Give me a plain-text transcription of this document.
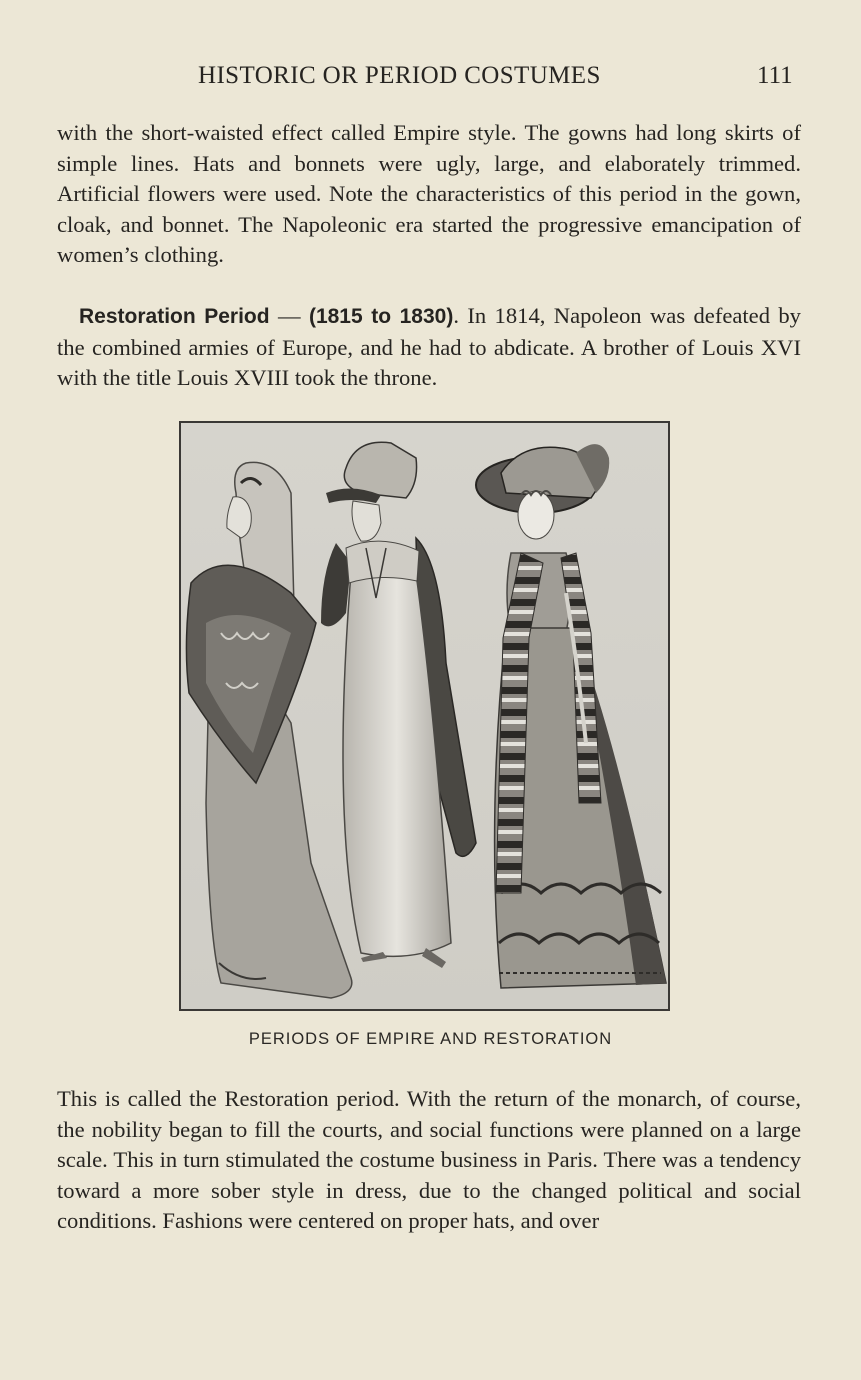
HISTORIC OR PERIOD COSTUMES	111

with the short-waisted effect called Empire style. The gowns had long skirts of simple lines. Hats and bonnets were ugly, large, and elaborately trimmed. Artificial flowers were used. Note the characteristics of this period in the gown, cloak, and bonnet. The Napoleonic era started the progressive emancipation of women’s clothing.

Restoration Period — (1815 to 1830). In 1814, Napoleon was defeated by the combined armies of Europe, and he had to abdicate. A brother of Louis XVI with the title Louis XVIII took the throne.

PERIODS OF EMPIRE AND RESTORATION

This is called the Restoration period. With the return of the monarch, of course, the nobility began to fill the courts, and social functions were planned on a large scale. This in turn stimulated the costume business in Paris. There was a tendency toward a more sober style in dress, due to the changed political and social conditions. Fashions were centered on proper hats, and over
